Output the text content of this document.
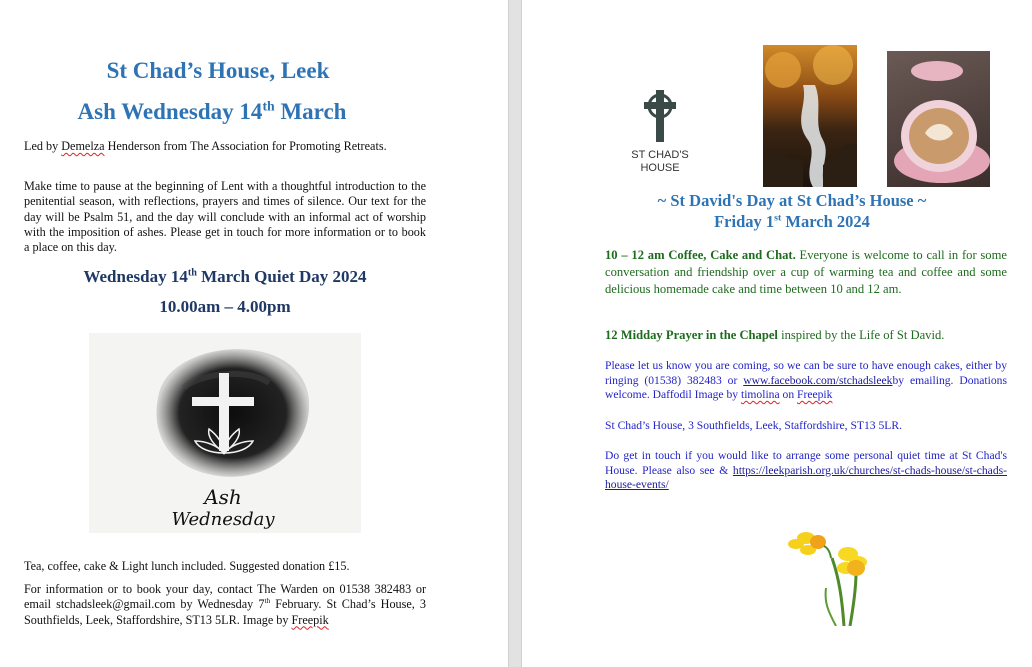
St Chad’s House, Leek
Ash Wednesday 14th March

Led by Demelza Henderson from The Association for Promoting Retreats.

Make time to pause at the beginning of Lent with a thoughtful introduction to the penitential season, with reflections, prayers and times of silence. Our text for the day will be Psalm 51, and the day will conclude with an informal act of worship with the imposition of ashes. Please get in touch for more information or to book a place on this day.

Wednesday 14th March Quiet Day 2024
10.00am – 4.00pm
Ash
Wednesday

Tea, coffee, cake & Light lunch included. Suggested donation £15.

For information or to book your day, contact The Warden on 01538 382483 or email stchadsleek@gmail.com by Wednesday 7th February. St Chad’s House, 3 Southfields, Leek, Staffordshire, ST13 5LR. Image by Freepik

ST CHAD'S
HOUSE
~ St David's Day at St Chad’s House ~
Friday 1st March 2024

10 – 12 am Coffee, Cake and Chat. Everyone is welcome to call in for some conversation and friendship over a cup of warming tea and coffee and some delicious homemade cake and time between 10 and 12 am.

12 Midday Prayer in the Chapel inspired by the Life of St David.

Please let us know you are coming, so we can be sure to have enough cakes, either by ringing (01538) 382483 or www.facebook.com/stchadsleekby emailing. Donations welcome. Daffodil Image by timolina on Freepik

St Chad’s House, 3 Southfields, Leek, Staffordshire, ST13 5LR.

Do get in touch if you would like to arrange some personal quiet time at St Chad's House. Please also see & https://leekparish.org.uk/churches/st-chads-house/st-chads-house-events/
